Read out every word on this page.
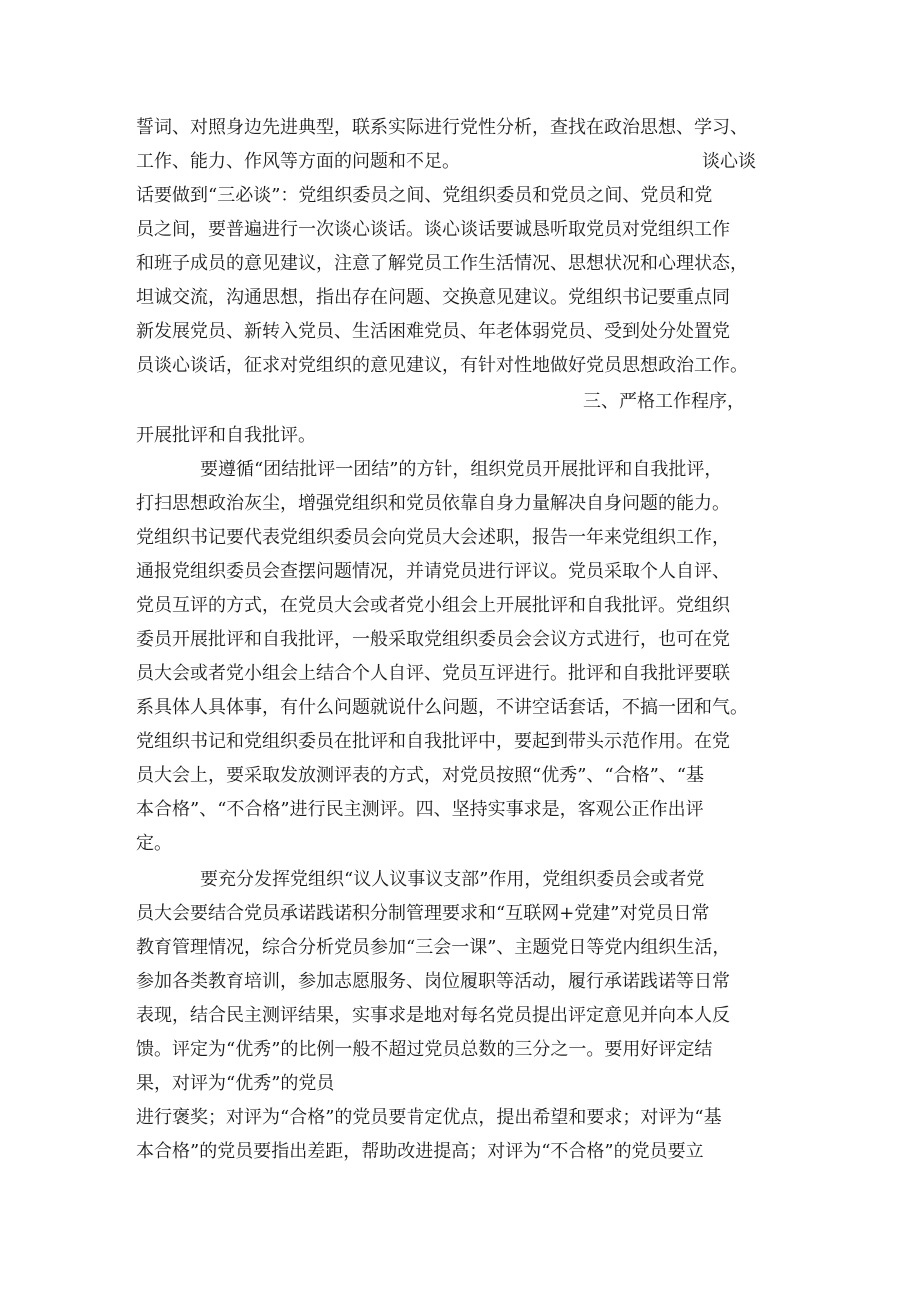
誓词、对照身边先进典型，联系实际进行党性分析，查找在政治思想、学习、

工作、能力、作风等方面的问题和不足。	谈心谈

话要做到“三必谈”：党组织委员之间、党组织委员和党员之间、党员和党

员之间，要普遍进行一次谈心谈话。谈心谈话要诚恳听取党员对党组织工作

和班子成员的意见建议，注意了解党员工作生活情况、思想状况和心理状态，

坦诚交流，沟通思想，指出存在问题、交换意见建议。党组织书记要重点同

新发展党员、新转入党员、生活困难党员、年老体弱党员、受到处分处置党

员谈心谈话，征求对党组织的意见建议，有针对性地做好党员思想政治工作。

三、严格工作程序，

开展批评和自我批评。

要遵循“团结批评一团结”的方针，组织党员开展批评和自我批评，

打扫思想政治灰尘，增强党组织和党员依靠自身力量解决自身问题的能力。

党组织书记要代表党组织委员会向党员大会述职，报告一年来党组织工作，

通报党组织委员会查摆问题情况，并请党员进行评议。党员采取个人自评、

党员互评的方式，在党员大会或者党小组会上开展批评和自我批评。党组织

委员开展批评和自我批评，一般采取党组织委员会会议方式进行，也可在党

员大会或者党小组会上结合个人自评、党员互评进行。批评和自我批评要联

系具体人具体事，有什么问题就说什么问题，不讲空话套话，不搞一团和气。

党组织书记和党组织委员在批评和自我批评中，要起到带头示范作用。在党

员大会上，要采取发放测评表的方式，对党员按照“优秀”、“合格”、“基

本合格”、“不合格”进行民主测评。四、坚持实事求是，客观公正作出评

定。

要充分发挥党组织“议人议事议支部”作用，党组织委员会或者党

员大会要结合党员承诺践诺积分制管理要求和“互联网+党建”对党员日常

教育管理情况，综合分析党员参加“三会一课”、主题党日等党内组织生活，

参加各类教育培训，参加志愿服务、岗位履职等活动，履行承诺践诺等日常

表现，结合民主测评结果，实事求是地对每名党员提出评定意见并向本人反

馈。评定为“优秀”的比例一般不超过党员总数的三分之一。要用好评定结

果，对评为“优秀”的党员

进行褒奖；对评为“合格”的党员要肯定优点，提出希望和要求；对评为“基

本合格”的党员要指出差距，帮助改进提高；对评为“不合格”的党员要立
